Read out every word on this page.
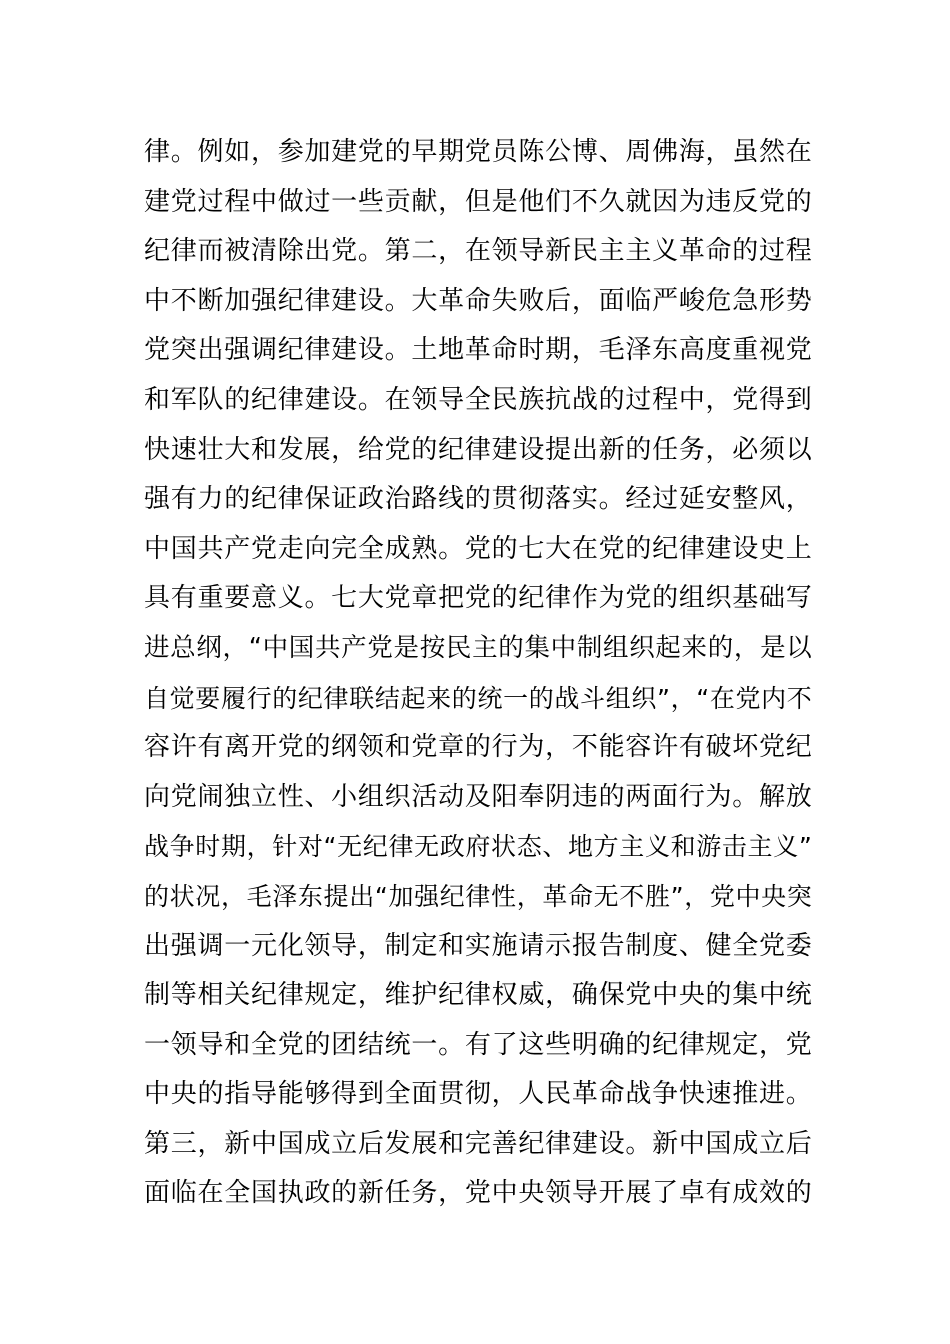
律。例如，参加建党的早期党员陈公博、周佛海，虽然在
建党过程中做过一些贡献，但是他们不久就因为违反党的
纪律而被清除出党。第二，在领导新民主主义革命的过程
中不断加强纪律建设。大革命失败后，面临严峻危急形势
党突出强调纪律建设。土地革命时期，毛泽东高度重视党
和军队的纪律建设。在领导全民族抗战的过程中，党得到
快速壮大和发展，给党的纪律建设提出新的任务，必须以
强有力的纪律保证政治路线的贯彻落实。经过延安整风，
中国共产党走向完全成熟。党的七大在党的纪律建设史上
具有重要意义。七大党章把党的纪律作为党的组织基础写
进总纲，“中国共产党是按民主的集中制组织起来的，是以
自觉要履行的纪律联结起来的统一的战斗组织”，“在党内不
容许有离开党的纲领和党章的行为，不能容许有破坏党纪
向党闹独立性、小组织活动及阳奉阴违的两面行为。解放
战争时期，针对“无纪律无政府状态、地方主义和游击主义”
的状况，毛泽东提出“加强纪律性，革命无不胜”，党中央突
出强调一元化领导，制定和实施请示报告制度、健全党委
制等相关纪律规定，维护纪律权威，确保党中央的集中统
一领导和全党的团结统一。有了这些明确的纪律规定，党
中央的指导能够得到全面贯彻，人民革命战争快速推进。
第三，新中国成立后发展和完善纪律建设。新中国成立后
面临在全国执政的新任务，党中央领导开展了卓有成效的
